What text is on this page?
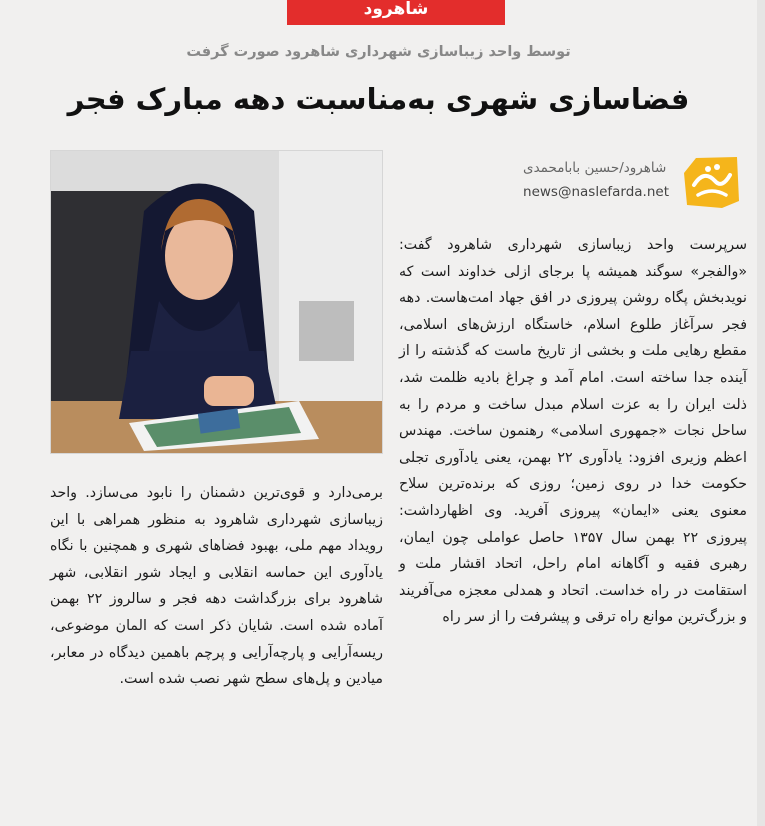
شاهرود
توسط واحد زیباسازی شهرداری شاهرود صورت گرفت
فضاسازی شهری به‌مناسبت دهه مبارک فجر
شاهرود/حسین بابامحمدی
news@naslefarda.net

سرپرست واحد زیباسازی شهرداری شاهرود گفت: «والفجر» سوگند همیشه پا برجای ازلی خداوند است که نویدبخش پگاه روشن پیروزی در افق جهاد امت‌هاست. دهه فجر سرآغاز طلوع اسلام، خاستگاه ارزش‌های اسلامی، مقطع رهایی ملت و بخشی از تاریخ ماست که گذشته را از آینده جدا ساخته است. امام آمد و چراغ بادیه ظلمت شد، ذلت ایران را به عزت اسلام مبدل ساخت و مردم را به ساحل نجات «جمهوری اسلامی» رهنمون ساخت. مهندس اعظم وزیری افزود: یادآوری ۲۲ بهمن، یعنی یادآوری تجلی حکومت خدا در روی زمین؛ روزی که برنده‌ترین سلاح معنوی یعنی «ایمان» پیروزی آفرید. وی اظهارداشت: پیروزی ۲۲ بهمن سال ۱۳۵۷ حاصل عواملی چون ایمان، رهبری فقیه و آگاهانه امام راحل، اتحاد اقشار ملت و استقامت در راه خداست. اتحاد و همدلی معجزه می‌آفریند و بزرگ‌ترین موانع راه ترقی و پیشرفت را از سر راه

برمی‌دارد و قوی‌ترین دشمنان را نابود می‌سازد. واحد زیباسازی شهرداری شاهرود به منظور همراهی با این رویداد مهم ملی، بهبود فضاهای شهری و همچنین با نگاه یادآوری این حماسه انقلابی و ایجاد شور انقلابی، شهر شاهرود برای بزرگداشت دهه فجر و سالروز ۲۲ بهمن آماده شده است. شایان ذکر است که المان موضوعی، ریسه‌آرایی و پارچه‌آرایی و پرچم باهمین دیدگاه در معابر، میادین و پل‌های سطح شهر نصب شده است.
